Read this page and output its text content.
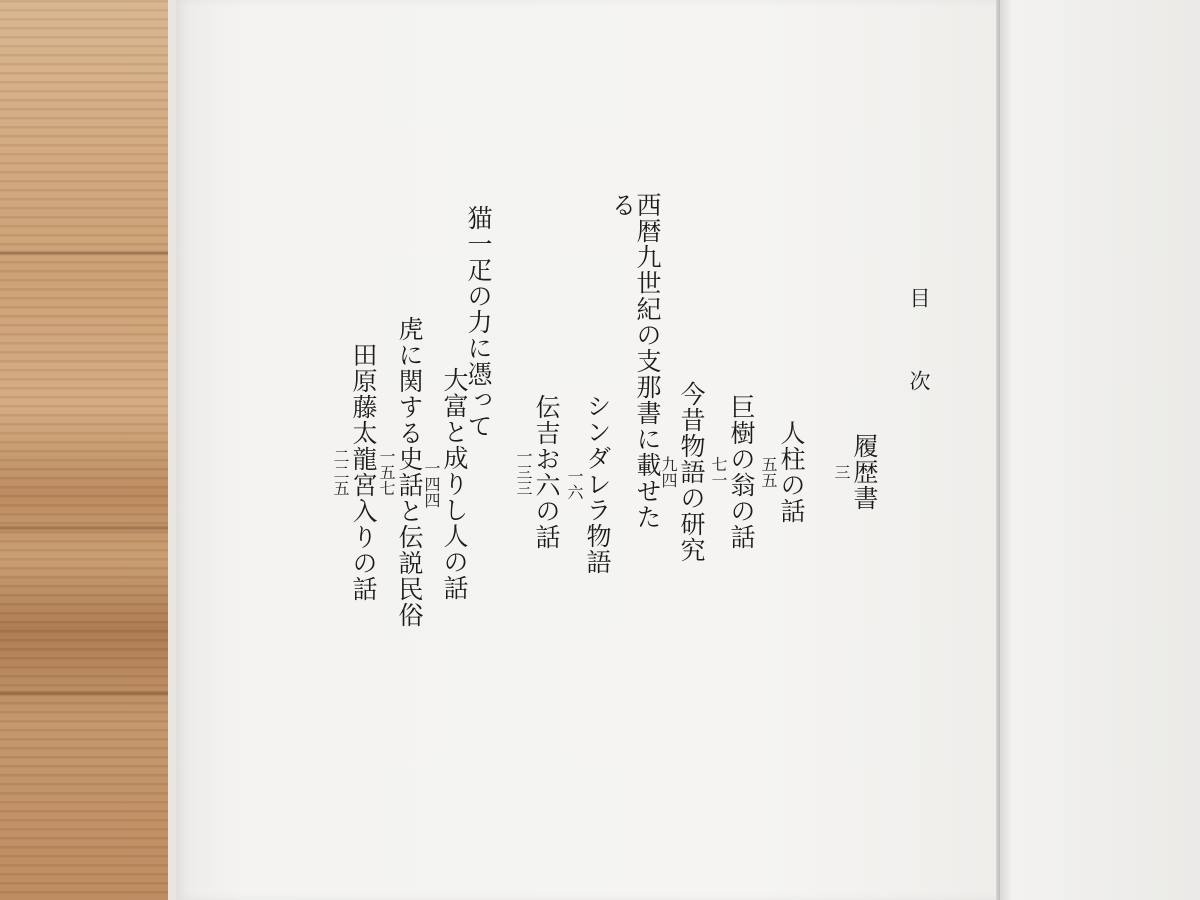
目次
履歴書
三
人柱の話
五五
巨樹の翁の話
七一
今昔物語の研究
九四
西暦九世紀の支那書に載せたる
シンダレラ物語
一六
伝吉お六の話
一三三
猫一疋の力に憑って
大富と成りし人の話
一四四
虎に関する史話と伝説民俗
一五七
田原藤太龍宮入りの話
二二五
